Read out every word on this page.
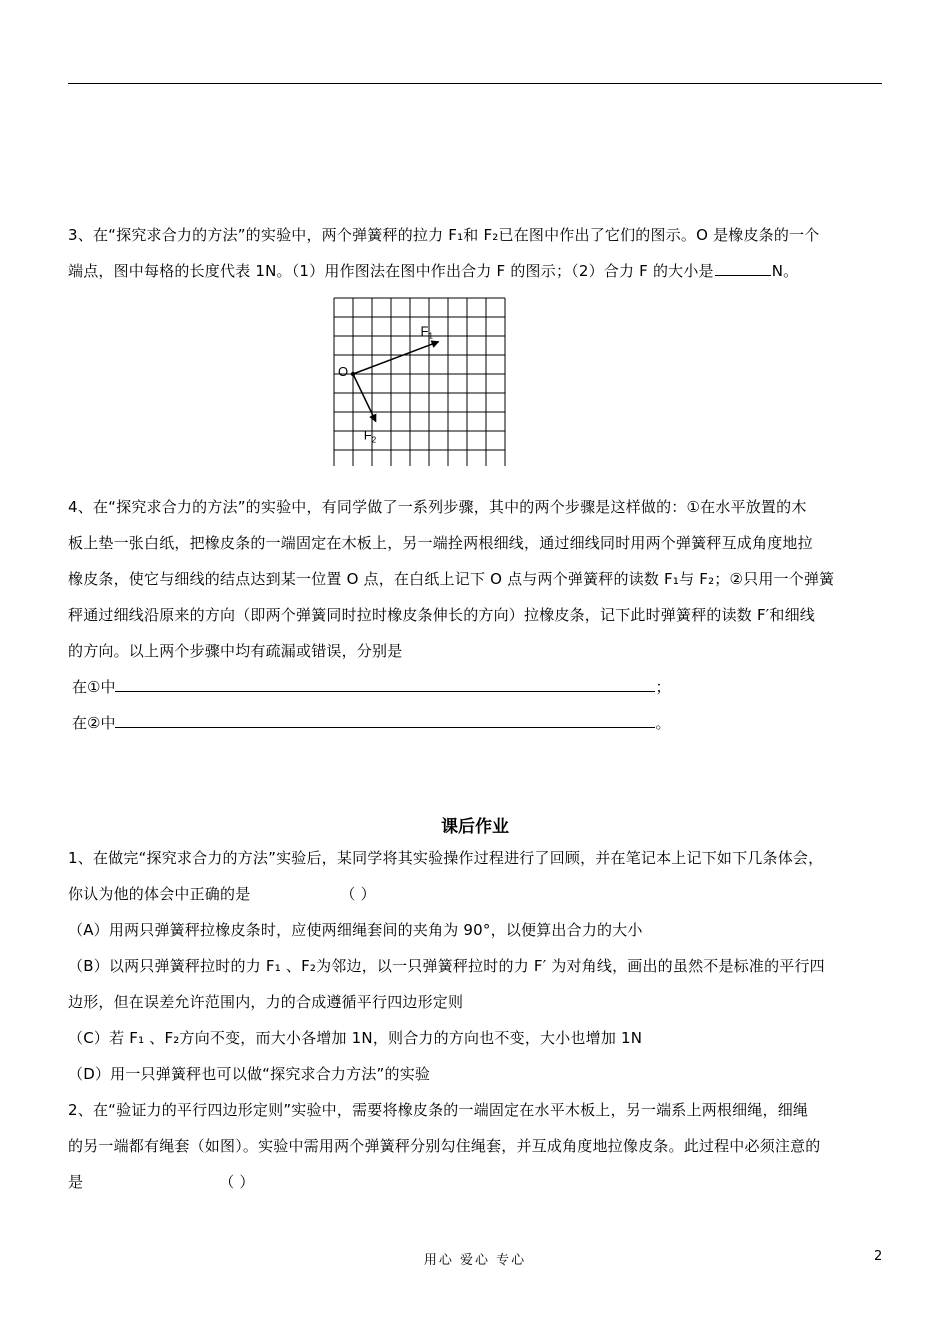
3、在“探究求合力的方法”的实验中，两个弹簧秤的拉力 F₁和 F₂已在图中作出了它们的图示。O 是橡皮条的一个

端点，图中每格的长度代表 1N。（1）用作图法在图中作出合力 F 的图示；（2）合力 F 的大小是	N。

O
$F_1$
$F_2$

4、在“探究求合力的方法”的实验中，有同学做了一系列步骤，其中的两个步骤是这样做的：①在水平放置的木

板上垫一张白纸，把橡皮条的一端固定在木板上，另一端拴两根细线，通过细线同时用两个弹簧秤互成角度地拉

橡皮条，使它与细线的结点达到某一位置 O 点，在白纸上记下 O 点与两个弹簧秤的读数 F₁与 F₂；②只用一个弹簧

秤通过细线沿原来的方向（即两个弹簧同时拉时橡皮条伸长的方向）拉橡皮条，记下此时弹簧秤的读数 F′和细线

的方向。以上两个步骤中均有疏漏或错误，分别是

在①中	；
在②中	。
课后作业

1、在做完“探究求合力的方法”实验后，某同学将其实验操作过程进行了回顾，并在笔记本上记下如下几条体会，

你认为他的体会中正确的是	（ ）

（A）用两只弹簧秤拉橡皮条时，应使两细绳套间的夹角为 90°，以便算出合力的大小

（B）以两只弹簧秤拉时的力 F₁ 、F₂为邻边，以一只弹簧秤拉时的力 F′ 为对角线，画出的虽然不是标准的平行四

边形，但在误差允许范围内，力的合成遵循平行四边形定则

（C）若 F₁ 、F₂方向不变，而大小各增加 1N，则合力的方向也不变，大小也增加 1N

（D）用一只弹簧秤也可以做“探究求合力方法”的实验

2、在“验证力的平行四边形定则”实验中，需要将橡皮条的一端固定在水平木板上，另一端系上两根细绳，细绳

的另一端都有绳套（如图）。实验中需用两个弹簧秤分别勾住绳套，并互成角度地拉像皮条。此过程中必须注意的

是	（ ）

用心 爱心 专心	2
